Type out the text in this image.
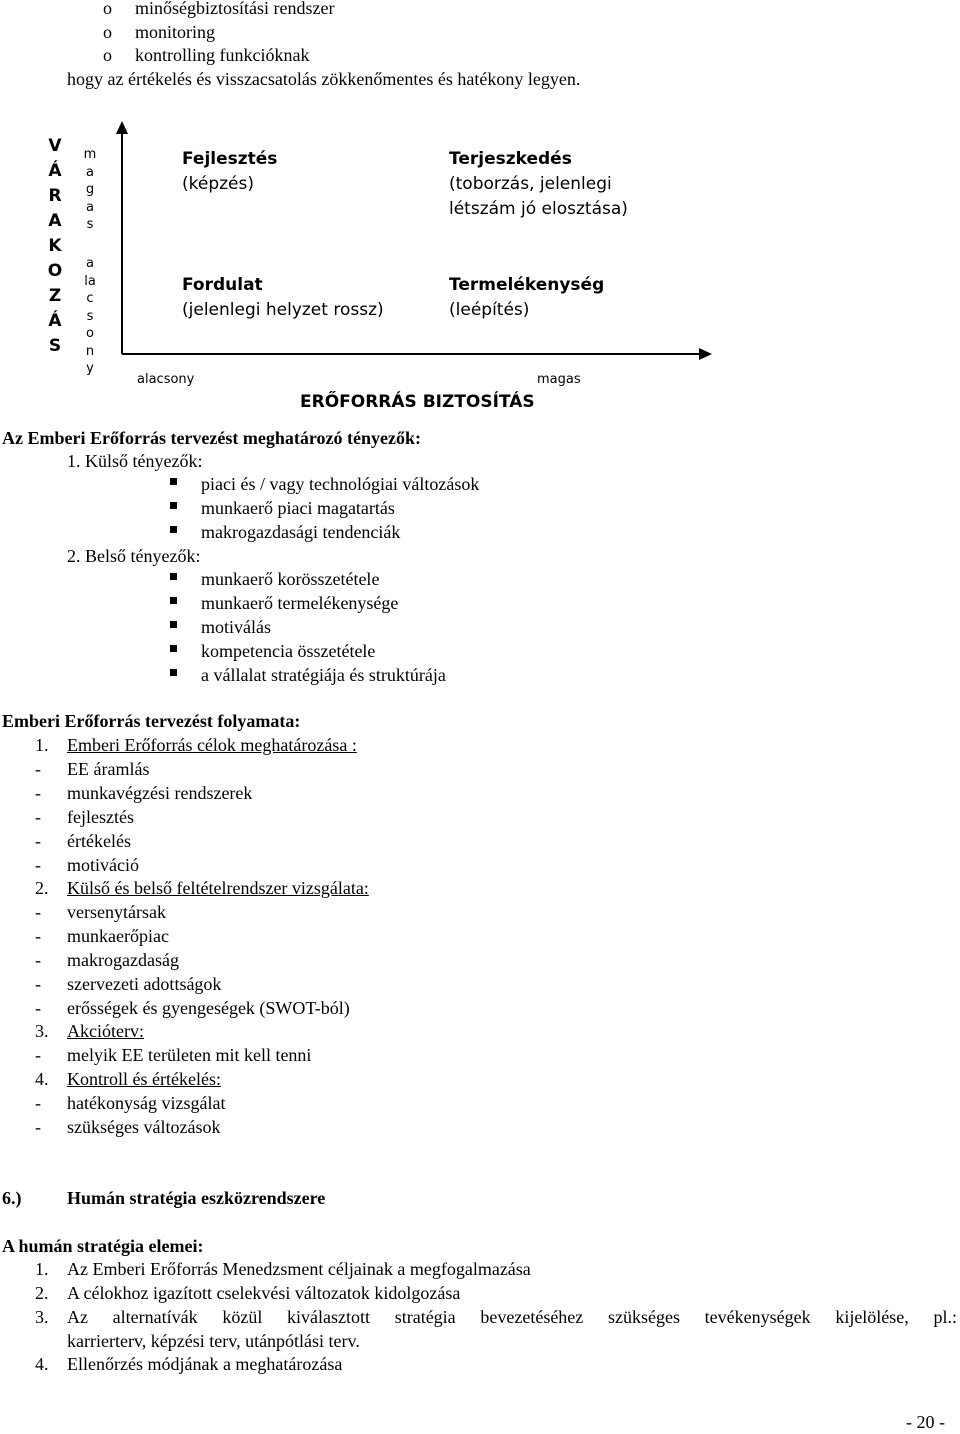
o minőségbiztosítási rendszer
o monitoring
o kontrolling funkcióknak
hogy az értékelés és visszacsatolás zökkenőmentes és hatékony legyen.
V
Á
R
A
K
O
Z
Á
S
m
a
g
a
s
a
la
c
s
o
n
y
Fejlesztés
(képzés)
Terjeszkedés
(toborzás, jelenlegi
létszám jó elosztása)
Fordulat
(jelenlegi helyzet rossz)
Termelékenység
(leépítés)
alacsony	magas
ERŐFORRÁS BIZTOSÍTÁS
Az Emberi Erőforrás tervezést meghatározó tényezők:
1. Külső tényezők:
piaci és / vagy technológiai változások
munkaerő piaci magatartás
makrogazdasági tendenciák
2. Belső tényezők:
munkaerő korösszetétele
munkaerő termelékenysége
motiválás
kompetencia összetétele
a vállalat stratégiája és struktúrája
Emberi Erőforrás tervezést folyamata:
1. Emberi Erőforrás célok meghatározása :
- EE áramlás
- munkavégzési rendszerek
- fejlesztés
- értékelés
- motiváció
2. Külső és belső feltételrendszer vizsgálata:
- versenytársak
- munkaerőpiac
- makrogazdaság
- szervezeti adottságok
- erősségek és gyengeségek (SWOT-ból)
3. Akcióterv:
- melyik EE területen mit kell tenni
4. Kontroll és értékelés:
- hatékonyság vizsgálat
- szükséges változások
6.)	Humán stratégia eszközrendszere
A humán stratégia elemei:
1. Az Emberi Erőforrás Menedzsment céljainak a megfogalmazása
2. A célokhoz igazított cselekvési változatok kidolgozása
3. Az alternatívák közül kiválasztott stratégia bevezetéséhez szükséges tevékenységek kijelölése, pl.:
karrierterv, képzési terv, utánpótlási terv.
4. Ellenőrzés módjának a meghatározása
- 20 -
